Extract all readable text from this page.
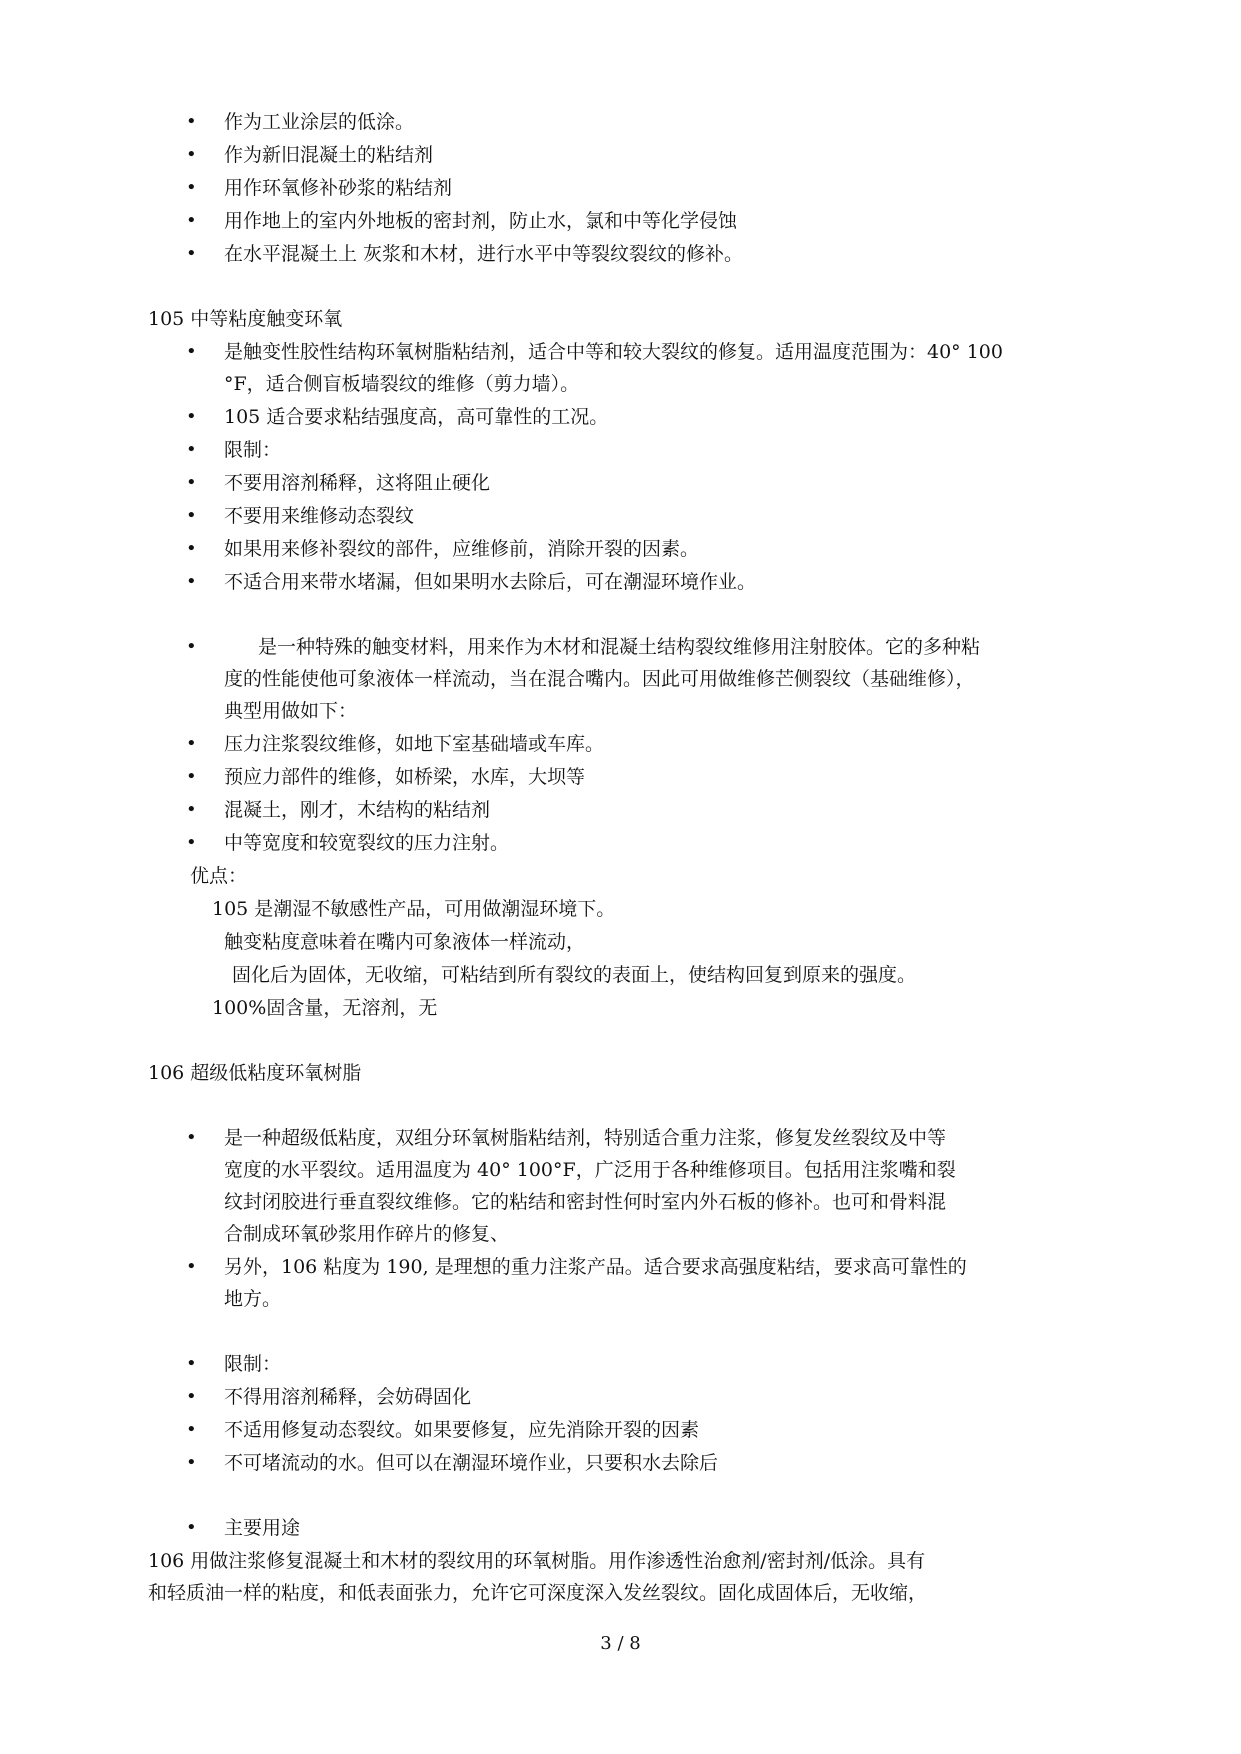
• 作为工业涂层的低涂。
• 作为新旧混凝土的粘结剂
• 用作环氧修补砂浆的粘结剂
• 用作地上的室内外地板的密封剂，防止水，氯和中等化学侵蚀
• 在水平混凝土上 灰浆和木材，进行水平中等裂纹裂纹的修补。
105 中等粘度触变环氧
• 是触变性胶性结构环氧树脂粘结剂，适合中等和较大裂纹的修复。适用温度范围为：40° 100
°F，适合侧盲板墙裂纹的维修（剪力墙）。
• 105 适合要求粘结强度高，高可靠性的工况。
• 限制：
• 不要用溶剂稀释，这将阻止硬化
• 不要用来维修动态裂纹
• 如果用来修补裂纹的部件，应维修前，消除开裂的因素。
• 不适合用来带水堵漏，但如果明水去除后，可在潮湿环境作业。
•	是一种特殊的触变材料，用来作为木材和混凝土结构裂纹维修用注射胶体。它的多种粘
度的性能使他可象液体一样流动，当在混合嘴内。因此可用做维修芒侧裂纹（基础维修），
典型用做如下：
• 压力注浆裂纹维修，如地下室基础墙或车库。
• 预应力部件的维修，如桥梁，水库，大坝等
• 混凝土，刚才，木结构的粘结剂
• 中等宽度和较宽裂纹的压力注射。
优点：
105 是潮湿不敏感性产品，可用做潮湿环境下。
触变粘度意味着在嘴内可象液体一样流动，
固化后为固体，无收缩，可粘结到所有裂纹的表面上，使结构回复到原来的强度。
100%固含量，无溶剂，无
106 超级低粘度环氧树脂
• 是一种超级低粘度，双组分环氧树脂粘结剂，特别适合重力注浆，修复发丝裂纹及中等
宽度的水平裂纹。适用温度为 40° 100°F，广泛用于各种维修项目。包括用注浆嘴和裂
纹封闭胶进行垂直裂纹维修。它的粘结和密封性何时室内外石板的修补。也可和骨料混
合制成环氧砂浆用作碎片的修复、
• 另外，106 粘度为 190, 是理想的重力注浆产品。适合要求高强度粘结，要求高可靠性的
地方。
• 限制：
• 不得用溶剂稀释，会妨碍固化
• 不适用修复动态裂纹。如果要修复，应先消除开裂的因素
• 不可堵流动的水。但可以在潮湿环境作业，只要积水去除后
• 主要用途
106 用做注浆修复混凝土和木材的裂纹用的环氧树脂。用作渗透性治愈剂/密封剂/低涂。具有
和轻质油一样的粘度，和低表面张力，允许它可深度深入发丝裂纹。固化成固体后，无收缩，
3 / 8
